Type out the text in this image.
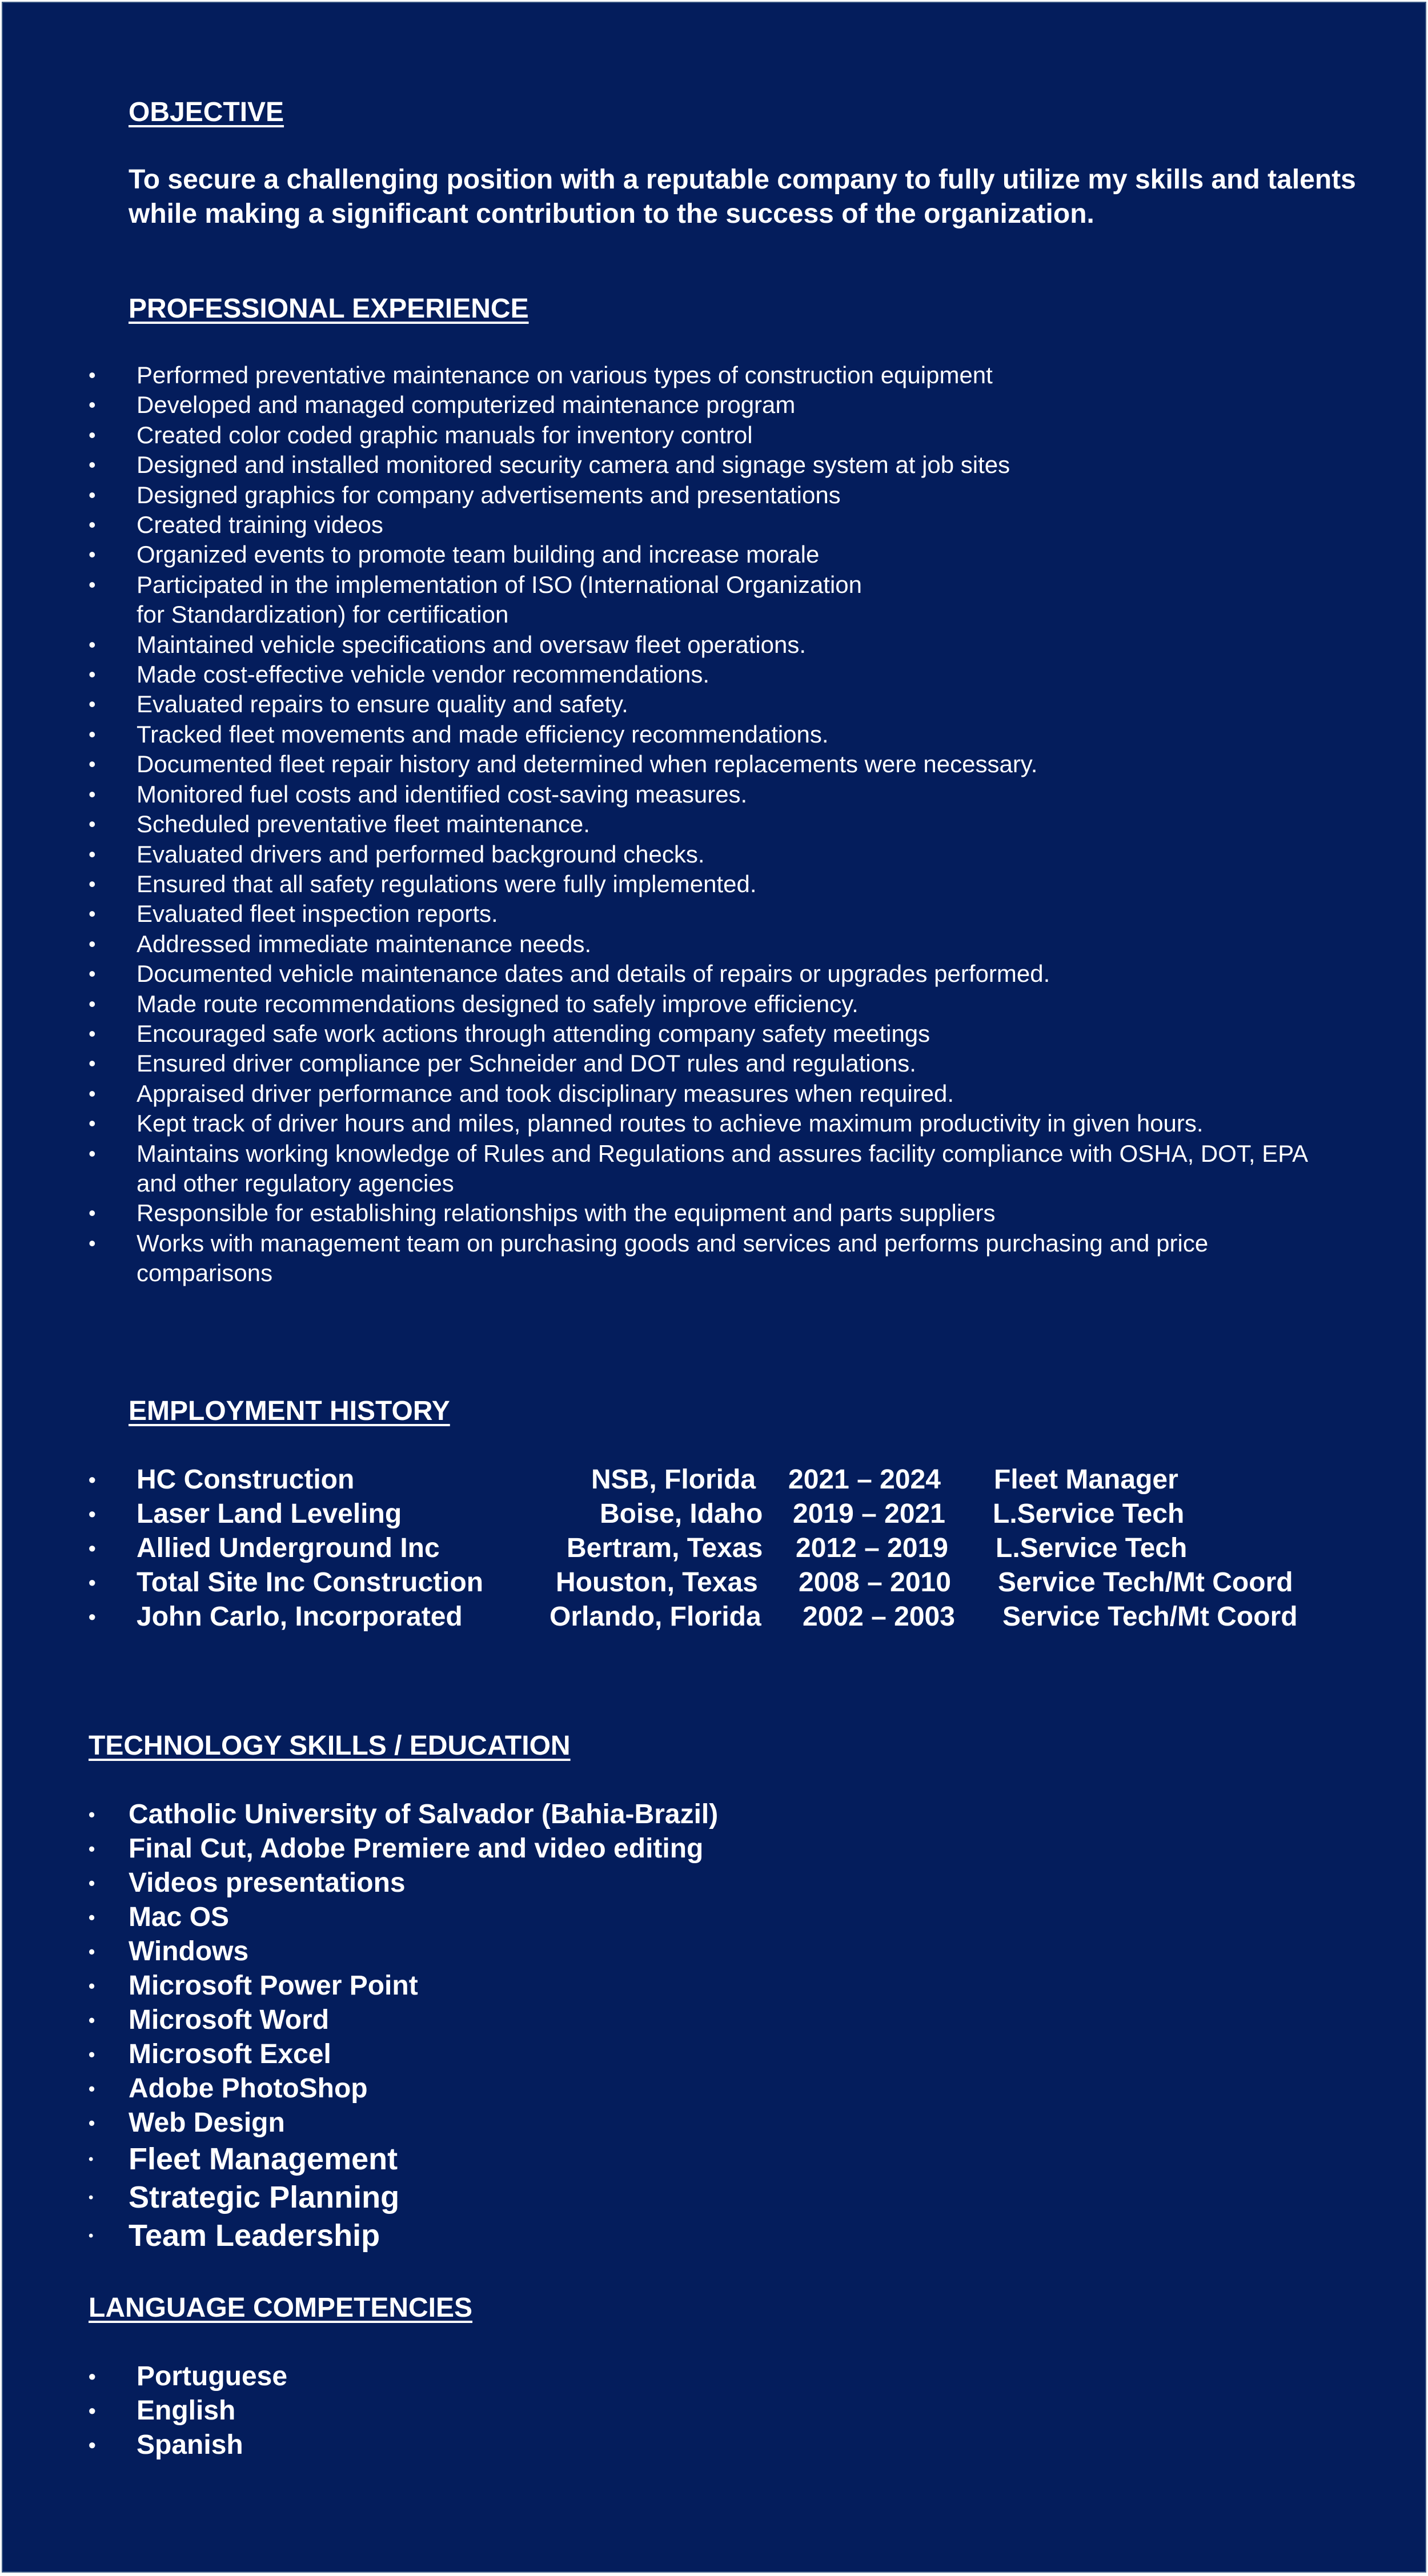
OBJECTIVE

To secure a challenging position with a reputable company to fully utilize my skills and talents while making a significant contribution to the success of the organization.

PROFESSIONAL EXPERIENCE
• Performed preventative maintenance on various types of construction equipment
• Developed and managed computerized maintenance program
• Created color coded graphic manuals for inventory control
• Designed and installed monitored security camera and signage system at job sites
• Designed graphics for company advertisements and presentations
• Created training videos
• Organized events to promote team building and increase morale
• Participated in the implementation of ISO (International Organization
for Standardization) for certification
• Maintained vehicle specifications and oversaw fleet operations.
• Made cost-effective vehicle vendor recommendations.
• Evaluated repairs to ensure quality and safety.
• Tracked fleet movements and made efficiency recommendations.
• Documented fleet repair history and determined when replacements were necessary.
• Monitored fuel costs and identified cost-saving measures.
• Scheduled preventative fleet maintenance.
• Evaluated drivers and performed background checks.
• Ensured that all safety regulations were fully implemented.
• Evaluated fleet inspection reports.
• Addressed immediate maintenance needs.
• Documented vehicle maintenance dates and details of repairs or upgrades performed.
• Made route recommendations designed to safely improve efficiency.
• Encouraged safe work actions through attending company safety meetings
• Ensured driver compliance per Schneider and DOT rules and regulations.
• Appraised driver performance and took disciplinary measures when required.
• Kept track of driver hours and miles, planned routes to achieve maximum productivity in given hours.
• Maintains working knowledge of Rules and Regulations and assures facility compliance with OSHA, DOT, EPA and other regulatory agencies
• Responsible for establishing relationships with the equipment and parts suppliers
• Works with management team on purchasing goods and services and performs purchasing and price comparisons
EMPLOYMENT HISTORY
• HC Construction	NSB, Florida 2021 – 2024 Fleet Manager
• Laser Land Leveling	Boise, Idaho 2019 – 2021 L.Service Tech
• Allied Underground Inc	Bertram, Texas 2012 – 2019 L.Service Tech
• Total Site Inc Construction	Houston, Texas 2008 – 2010 Service Tech/Mt Coord
• John Carlo, Incorporated	Orlando, Florida 2002 – 2003 Service Tech/Mt Coord
TECHNOLOGY SKILLS / EDUCATION
• Catholic University of Salvador (Bahia-Brazil)
• Final Cut, Adobe Premiere and video editing
• Videos presentations
• Mac OS
• Windows
• Microsoft Power Point
• Microsoft Word
• Microsoft Excel
• Adobe PhotoShop
• Web Design
• Fleet Management
• Strategic Planning
• Team Leadership
LANGUAGE COMPETENCIES
• Portuguese
• English
• Spanish
